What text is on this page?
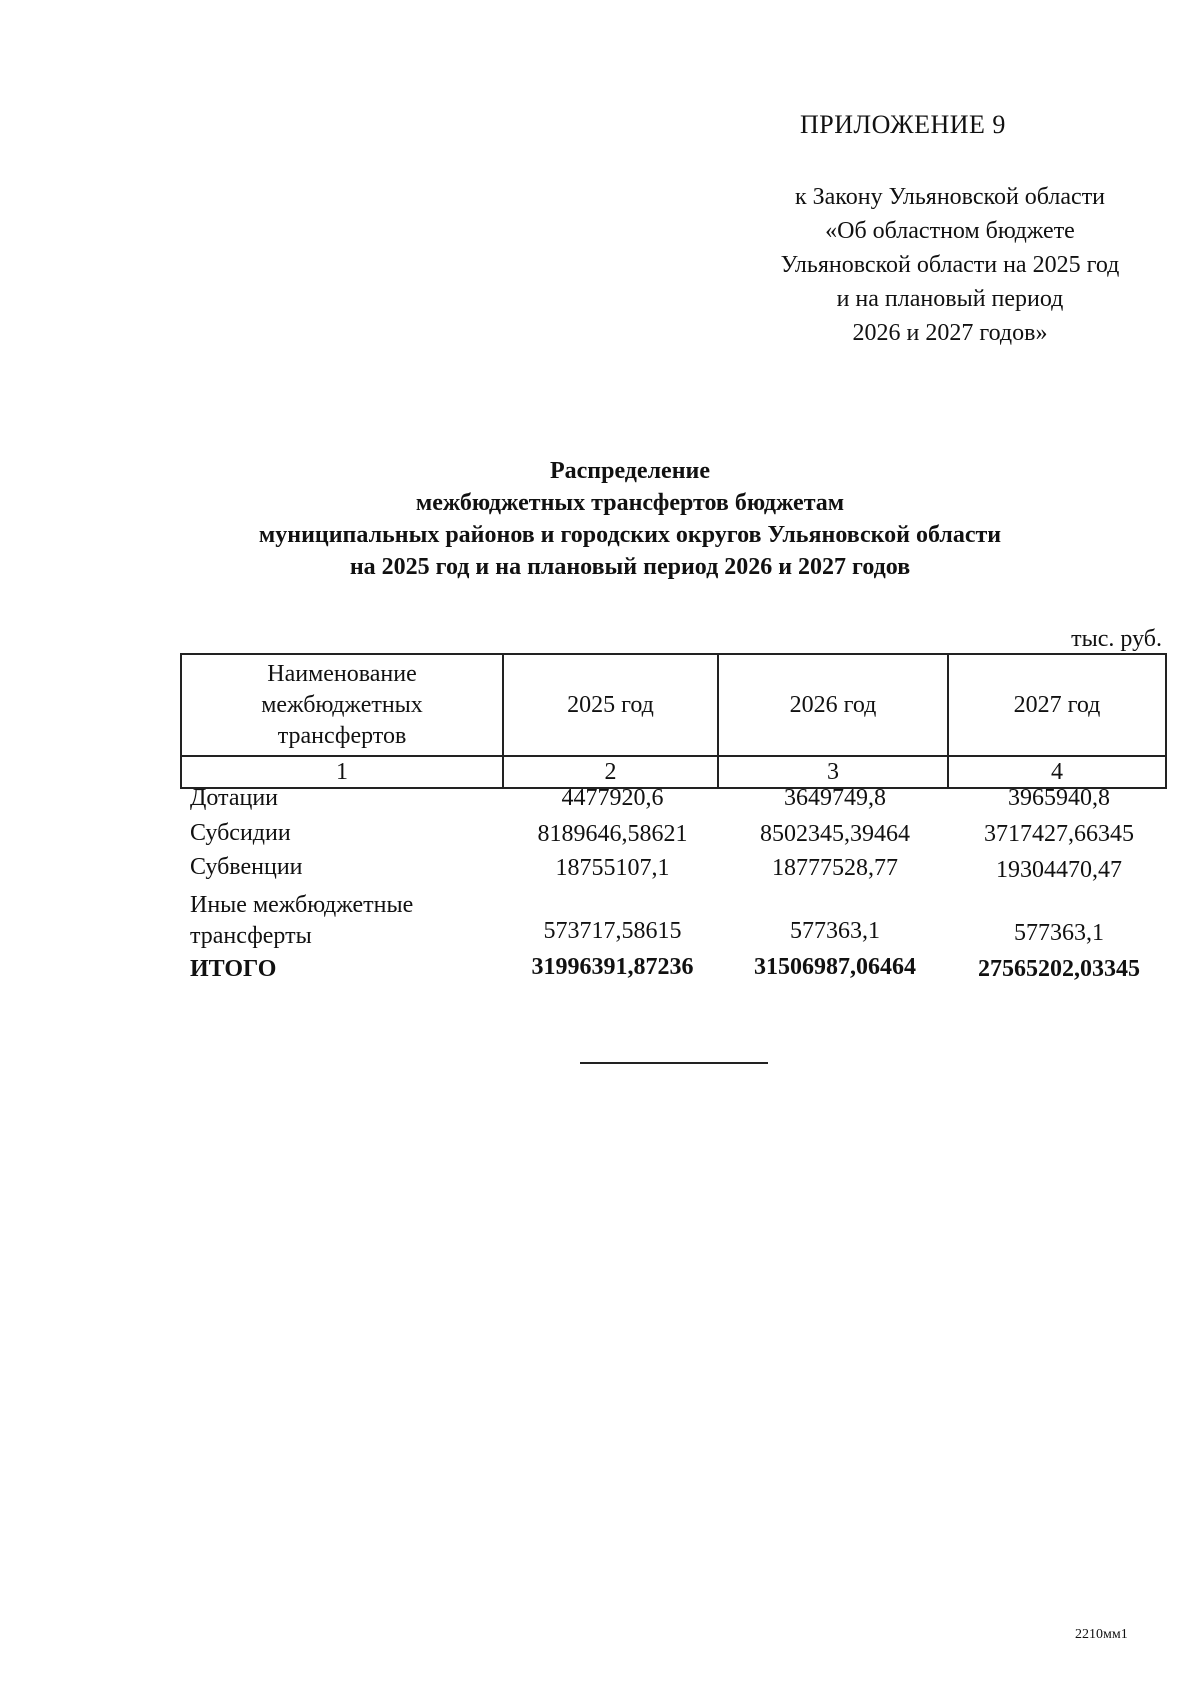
ПРИЛОЖЕНИЕ 9
к Закону Ульяновской области
«Об областном бюджете
Ульяновской области на 2025 год
и на плановый период
2026 и 2027 годов»
Распределение
межбюджетных трансфертов бюджетам
муниципальных районов и городских округов Ульяновской области
на 2025 год и на плановый период 2026 и 2027 годов
тыс. руб.
Наименование
межбюджетных
трансфертов	2025 год	2026 год	2027 год
1	2	3	4
Дотации	4477920,6	3649749,8	3965940,8
Субсидии	8189646,58621	8502345,39464	3717427,66345
Субвенции	18755107,1	18777528,77	19304470,47
Иные межбюджетные
трансферты	573717,58615	577363,1	577363,1
ИТОГО	31996391,87236	31506987,06464	27565202,03345
2210мм1
